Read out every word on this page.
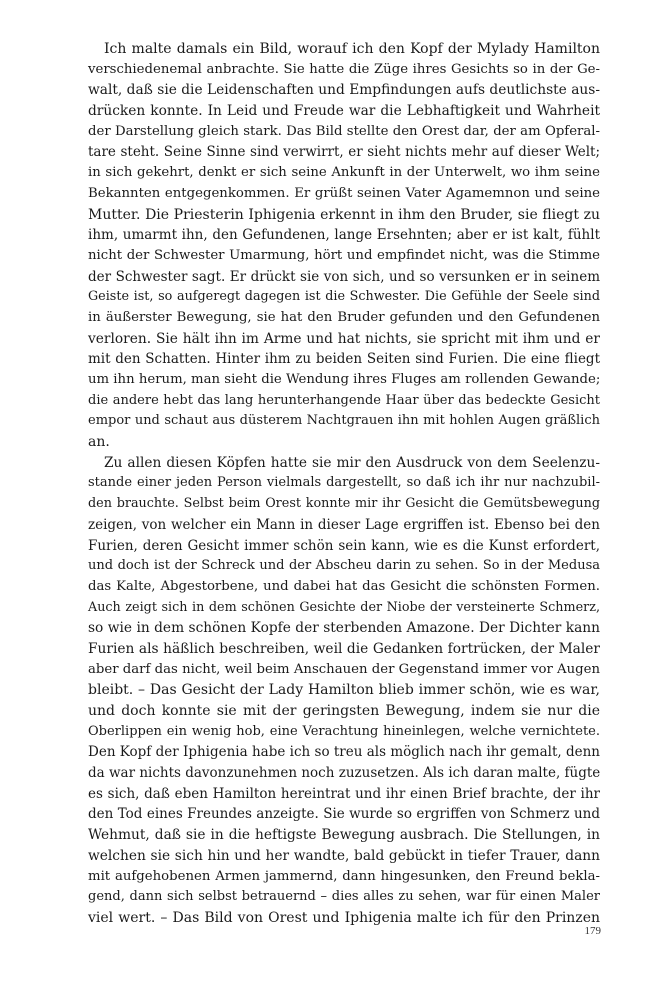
Ich malte damals ein Bild, worauf ich den Kopf der Mylady Hamilton
verschiedenemal anbrachte. Sie hatte die Züge ihres Gesichts so in der Ge-
walt, daß sie die Leidenschaften und Empfindungen aufs deutlichste aus-
drücken konnte. In Leid und Freude war die Lebhaftigkeit und Wahrheit
der Darstellung gleich stark. Das Bild stellte den Orest dar, der am Opferal-
tare steht. Seine Sinne sind verwirrt, er sieht nichts mehr auf dieser Welt;
in sich gekehrt, denkt er sich seine Ankunft in der Unterwelt, wo ihm seine
Bekannten entgegenkommen. Er grüßt seinen Vater Agamemnon und seine
Mutter. Die Priesterin Iphigenia erkennt in ihm den Bruder, sie fliegt zu
ihm, umarmt ihn, den Gefundenen, lange Ersehnten; aber er ist kalt, fühlt
nicht der Schwester Umarmung, hört und empfindet nicht, was die Stimme
der Schwester sagt. Er drückt sie von sich, und so versunken er in seinem
Geiste ist, so aufgeregt dagegen ist die Schwester. Die Gefühle der Seele sind
in äußerster Bewegung, sie hat den Bruder gefunden und den Gefundenen
verloren. Sie hält ihn im Arme und hat nichts, sie spricht mit ihm und er
mit den Schatten. Hinter ihm zu beiden Seiten sind Furien. Die eine fliegt
um ihn herum, man sieht die Wendung ihres Fluges am rollenden Gewande;
die andere hebt das lang herunterhangende Haar über das bedeckte Gesicht
empor und schaut aus düsterem Nachtgrauen ihn mit hohlen Augen gräßlich
an.

Zu allen diesen Köpfen hatte sie mir den Ausdruck von dem Seelenzu-
stande einer jeden Person vielmals dargestellt, so daß ich ihr nur nachzubil-
den brauchte. Selbst beim Orest konnte mir ihr Gesicht die Gemütsbewegung
zeigen, von welcher ein Mann in dieser Lage ergriffen ist. Ebenso bei den
Furien, deren Gesicht immer schön sein kann, wie es die Kunst erfordert,
und doch ist der Schreck und der Abscheu darin zu sehen. So in der Medusa
das Kalte, Abgestorbene, und dabei hat das Gesicht die schönsten Formen.
Auch zeigt sich in dem schönen Gesichte der Niobe der versteinerte Schmerz,
so wie in dem schönen Kopfe der sterbenden Amazone. Der Dichter kann
Furien als häßlich beschreiben, weil die Gedanken fortrücken, der Maler
aber darf das nicht, weil beim Anschauen der Gegenstand immer vor Augen
bleibt. – Das Gesicht der Lady Hamilton blieb immer schön, wie es war,
und doch konnte sie mit der geringsten Bewegung, indem sie nur die
Oberlippen ein wenig hob, eine Verachtung hineinlegen, welche vernichtete.
Den Kopf der Iphigenia habe ich so treu als möglich nach ihr gemalt, denn
da war nichts davonzunehmen noch zuzusetzen. Als ich daran malte, fügte
es sich, daß eben Hamilton hereintrat und ihr einen Brief brachte, der ihr
den Tod eines Freundes anzeigte. Sie wurde so ergriffen von Schmerz und
Wehmut, daß sie in die heftigste Bewegung ausbrach. Die Stellungen, in
welchen sie sich hin und her wandte, bald gebückt in tiefer Trauer, dann
mit aufgehobenen Armen jammernd, dann hingesunken, den Freund bekla-
gend, dann sich selbst betrauernd – dies alles zu sehen, war für einen Maler
viel wert. – Das Bild von Orest und Iphigenia malte ich für den Prinzen

179
